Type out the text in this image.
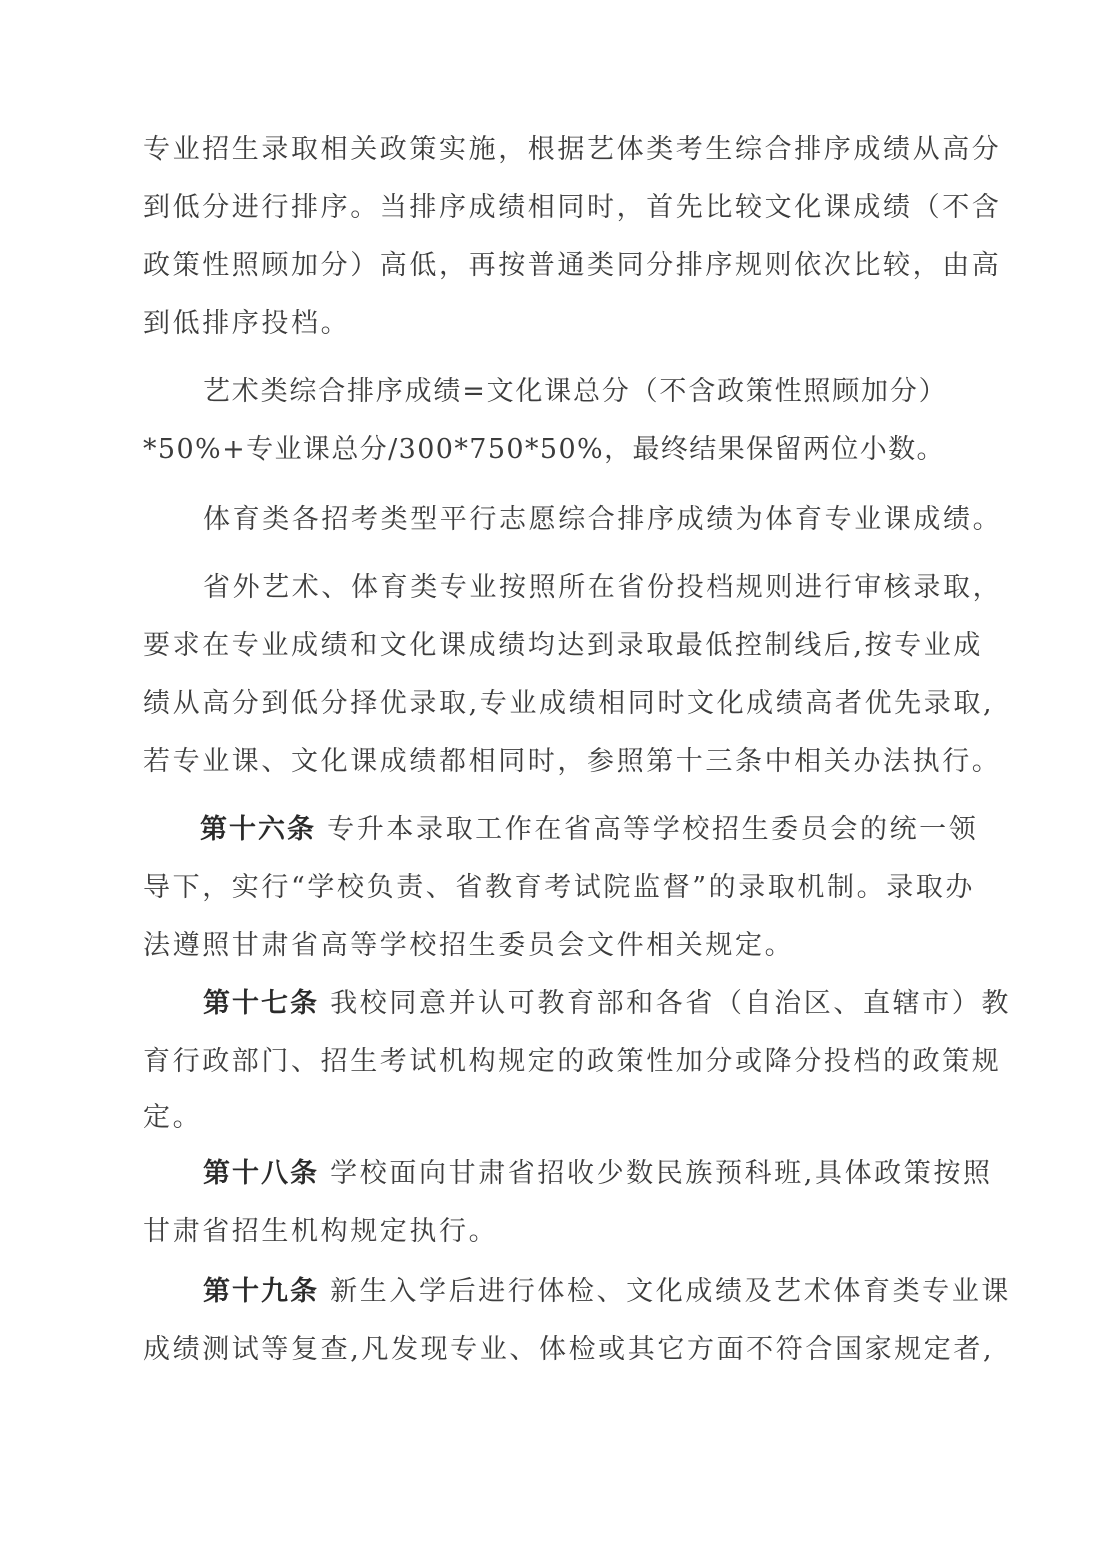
专业招生录取相关政策实施，根据艺体类考生综合排序成绩从高分
到低分进行排序。当排序成绩相同时，首先比较文化课成绩（不含
政策性照顾加分）高低，再按普通类同分排序规则依次比较，由高
到低排序投档。
艺术类综合排序成绩=文化课总分（不含政策性照顾加分）
*50%+专业课总分/300*750*50%，最终结果保留两位小数。
体育类各招考类型平行志愿综合排序成绩为体育专业课成绩。
省外艺术、体育类专业按照所在省份投档规则进行审核录取，
要求在专业成绩和文化课成绩均达到录取最低控制线后,按专业成
绩从高分到低分择优录取,专业成绩相同时文化成绩高者优先录取,
若专业课、文化课成绩都相同时，参照第十三条中相关办法执行。
第十六条 专升本录取工作在省高等学校招生委员会的统一领
导下，实行“学校负责、省教育考试院监督”的录取机制。录取办
法遵照甘肃省高等学校招生委员会文件相关规定。
第十七条 我校同意并认可教育部和各省（自治区、直辖市）教
育行政部门、招生考试机构规定的政策性加分或降分投档的政策规
定。
第十八条 学校面向甘肃省招收少数民族预科班,具体政策按照
甘肃省招生机构规定执行。
第十九条 新生入学后进行体检、文化成绩及艺术体育类专业课
成绩测试等复查,凡发现专业、体检或其它方面不符合国家规定者,
